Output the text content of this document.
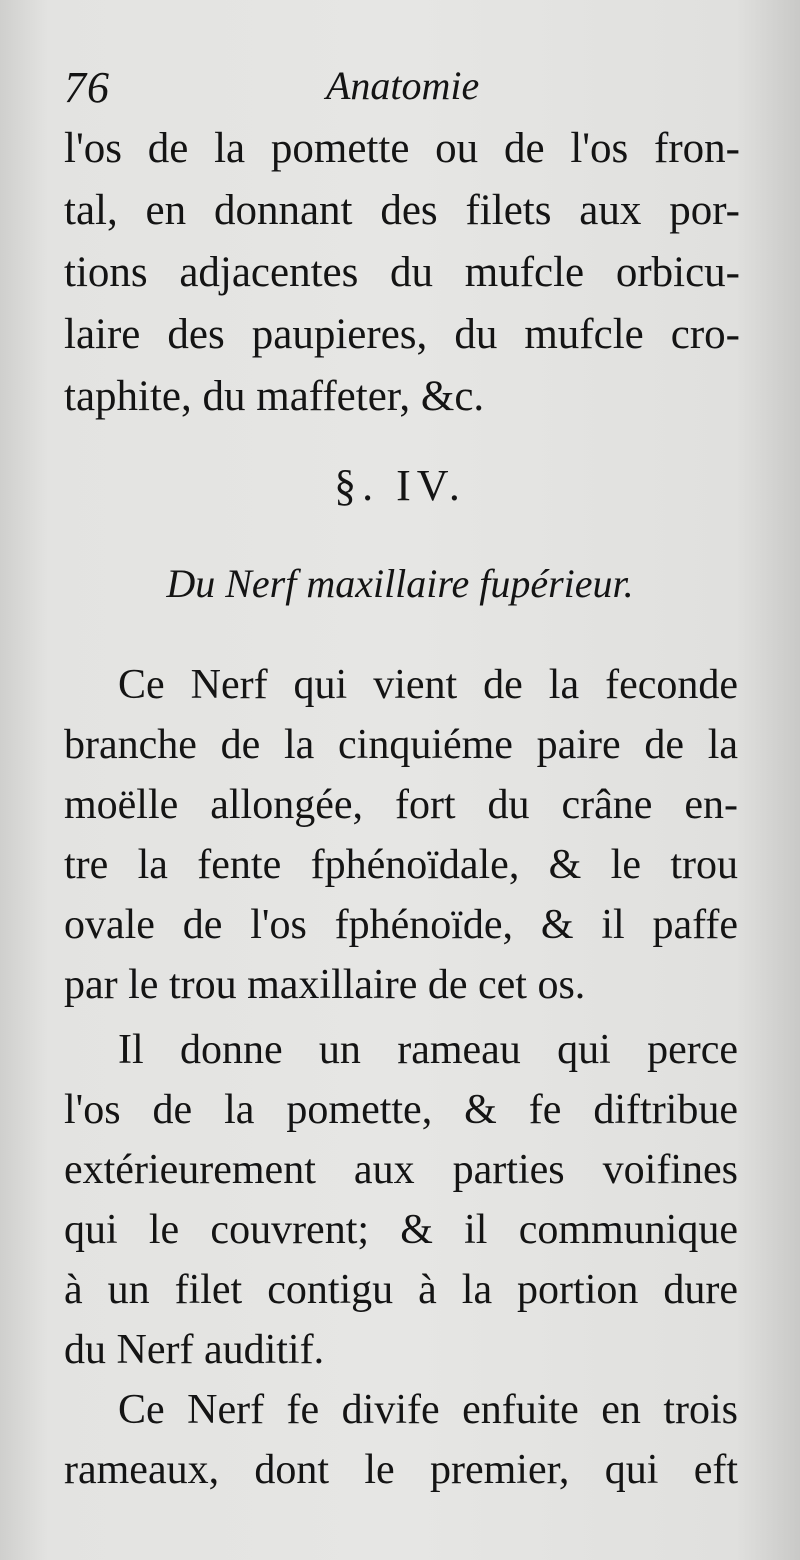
76	Anatomie
l'os de la pomette ou de l'os fron-
tal, en donnant des filets aux por-
tions adjacentes du mufcle orbicu-
laire des paupieres, du mufcle cro-
taphite, du maffeter, &c.
§. IV.
Du Nerf maxillaire fupérieur.
Ce Nerf qui vient de la feconde
branche de la cinquiéme paire de la
moëlle allongée, fort du crâne en-
tre la fente fphénoïdale, & le trou
ovale de l'os fphénoïde, & il paffe
par le trou maxillaire de cet os.
Il donne un rameau qui perce
l'os de la pomette, & fe diftribue
extérieurement aux parties voifines
qui le couvrent; & il communique
à un filet contigu à la portion dure
du Nerf auditif.
Ce Nerf fe divife enfuite en trois
rameaux, dont le premier, qui eft
